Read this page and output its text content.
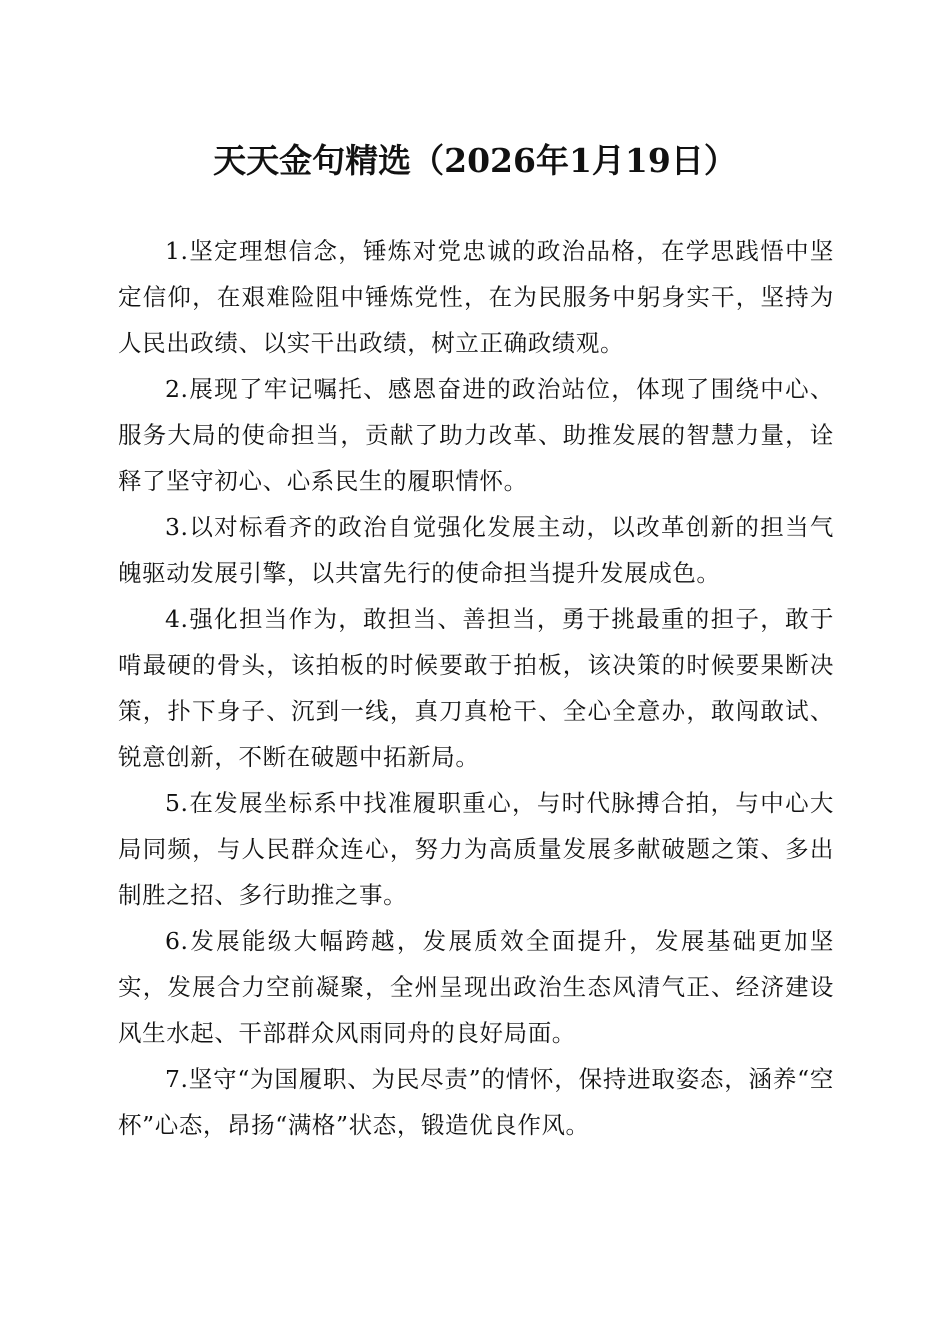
天天金句精选（2026年1月19日）

1.坚定理想信念，锤炼对党忠诚的政治品格，在学思践悟中坚定信仰，在艰难险阻中锤炼党性，在为民服务中躬身实干，坚持为人民出政绩、以实干出政绩，树立正确政绩观。

2.展现了牢记嘱托、感恩奋进的政治站位，体现了围绕中心、服务大局的使命担当，贡献了助力改革、助推发展的智慧力量，诠释了坚守初心、心系民生的履职情怀。

3.以对标看齐的政治自觉强化发展主动，以改革创新的担当气魄驱动发展引擎，以共富先行的使命担当提升发展成色。

4.强化担当作为，敢担当、善担当，勇于挑最重的担子，敢于啃最硬的骨头，该拍板的时候要敢于拍板，该决策的时候要果断决策，扑下身子、沉到一线，真刀真枪干、全心全意办，敢闯敢试、锐意创新，不断在破题中拓新局。

5.在发展坐标系中找准履职重心，与时代脉搏合拍，与中心大局同频，与人民群众连心，努力为高质量发展多献破题之策、多出制胜之招、多行助推之事。

6.发展能级大幅跨越，发展质效全面提升，发展基础更加坚实，发展合力空前凝聚，全州呈现出政治生态风清气正、经济建设风生水起、干部群众风雨同舟的良好局面。

7.坚守“为国履职、为民尽责”的情怀，保持进取姿态，涵养“空杯”心态，昂扬“满格”状态，锻造优良作风。
